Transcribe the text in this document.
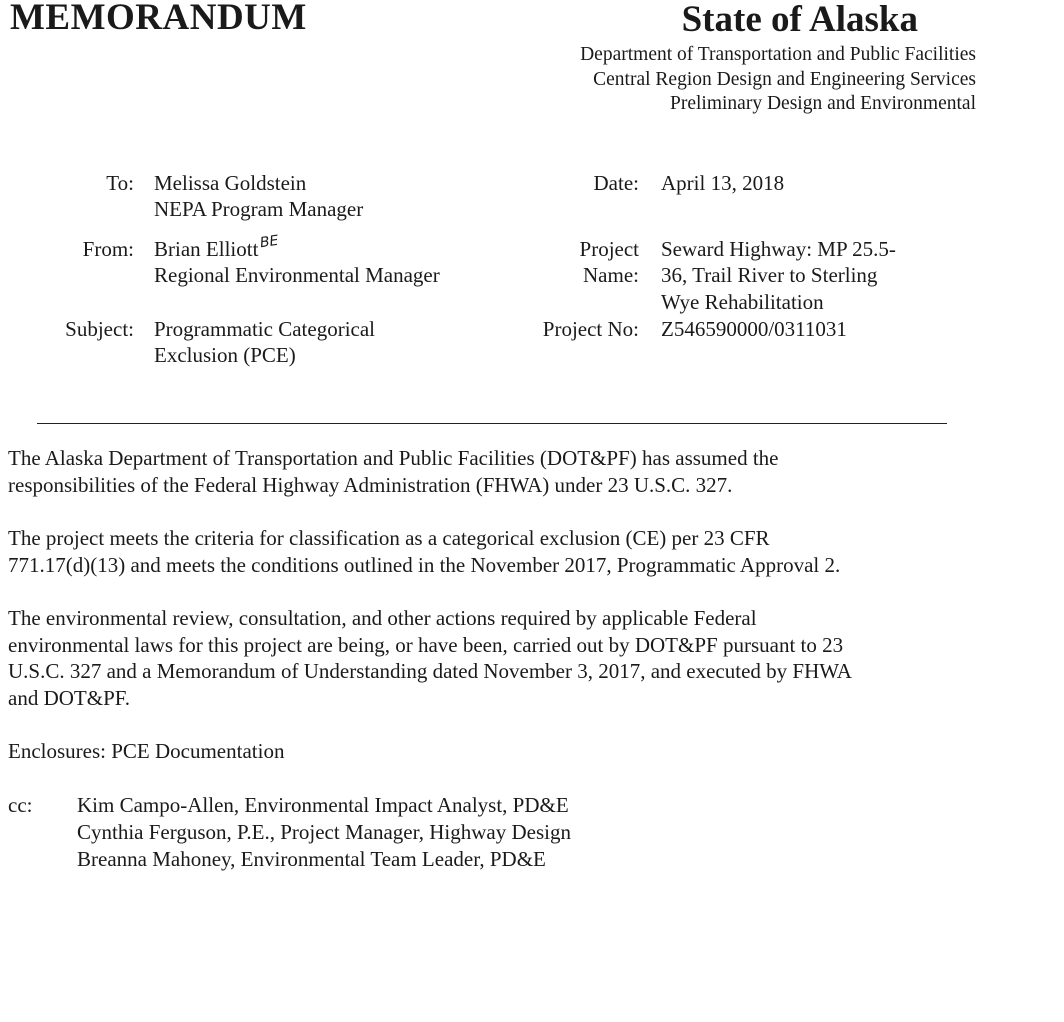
MEMORANDUM	State of Alaska
Department of Transportation and Public Facilities
Central Region Design and Engineering Services
Preliminary Design and Environmental
To: Melissa Goldstein
NEPA Program Manager
From: Brian ElliottBE
Regional Environmental Manager
Subject: Programmatic Categorical
Exclusion (PCE)
Date: April 13, 2018
Project
Name:
Seward Highway: MP 25.5-
36, Trail River to Sterling
Wye Rehabilitation
Project No: Z546590000/0311031
The Alaska Department of Transportation and Public Facilities (DOT&PF) has assumed the
responsibilities of the Federal Highway Administration (FHWA) under 23 U.S.C. 327.
The project meets the criteria for classification as a categorical exclusion (CE) per 23 CFR
771.17(d)(13) and meets the conditions outlined in the November 2017, Programmatic Approval 2.
The environmental review, consultation, and other actions required by applicable Federal
environmental laws for this project are being, or have been, carried out by DOT&PF pursuant to 23
U.S.C. 327 and a Memorandum of Understanding dated November 3, 2017, and executed by FHWA
and DOT&PF.
Enclosures: PCE Documentation
cc: Kim Campo-Allen, Environmental Impact Analyst, PD&E
Cynthia Ferguson, P.E., Project Manager, Highway Design
Breanna Mahoney, Environmental Team Leader, PD&E
